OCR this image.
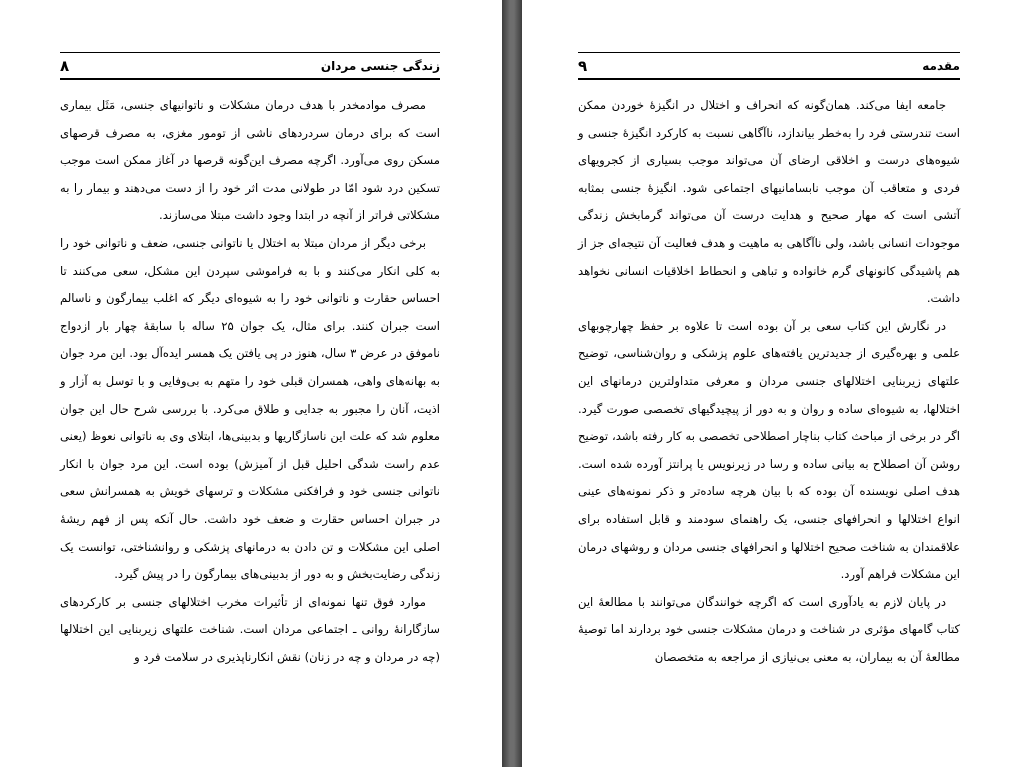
زندگی جنسی مردان
۸

مصرف موادمخدر با هدف درمان مشکلات و ناتوانیهای جنسی، مَثَل بیماری است که برای درمان سردردهای ناشی از تومور مغزی، به مصرف قرصهای مسکن روی می‌آورد. اگرچه مصرف این‌گونه قرصها در آغاز ممکن است موجب تسکین درد شود امّا در طولانی مدت اثر خود را از دست می‌دهند و بیمار را به مشکلاتی فراتر از آنچه در ابتدا وجود داشت مبتلا می‌سازند.

برخی دیگر از مردان مبتلا به اختلال یا ناتوانی جنسی، ضعف و ناتوانی خود را به کلی انکار می‌کنند و با به فراموشی سپردن این مشکل، سعی می‌کنند تا احساس حقارت و ناتوانی خود را به شیوه‌ای دیگر که اغلب بیمارگون و ناسالم است جبران کنند. برای مثال، یک جوان ۲۵ ساله با سابقهٔ چهار بار ازدواج ناموفق در عرض ۳ سال، هنوز در پی یافتن یک همسر ایده‌آل بود. این مرد جوان به بهانه‌های واهی، همسران قبلی خود را متهم به بی‌وفایی و با توسل به آزار و اذیت، آنان را مجبور به جدایی و طلاق می‌کرد. با بررسی شرح حال این جوان معلوم شد که علت این ناسازگاریها و بدبینی‌ها، ابتلای وی به ناتوانی نعوظ (یعنی عدم راست شدگی احلیل قبل از آمیزش) بوده است. این مرد جوان با انکار ناتوانی جنسی خود و فرافکنی مشکلات و ترسهای خویش به همسرانش سعی در جبران احساس حقارت و ضعف خود داشت. حال آنکه پس از فهم ریشهٔ اصلی این مشکلات و تن دادن به درمانهای پزشکی و روانشناختی، توانست یک زندگی رضایت‌بخش و به دور از بدبینی‌های بیمارگون را در پیش گیرد.

موارد فوق تنها نمونه‌ای از تأثیرات مخرب اختلالهای جنسی بر کارکردهای سازگارانهٔ روانی ـ اجتماعی مردان است. شناخت علتهای زیربنایی این اختلالها (چه در مردان و چه در زنان) نقش انکارناپذیری در سلامت فرد و

مقدمه
۹

جامعه ایفا می‌کند. همان‌گونه که انحراف و اختلال در انگیزهٔ خوردن ممکن است تندرستی فرد را به‌خطر بیاندازد، ناآگاهی نسبت به کارکرد انگیزهٔ جنسی و شیوه‌های درست و اخلاقی ارضای آن می‌تواند موجب بسیاری از کجرویهای فردی و متعاقب آن موجب نابسامانیهای اجتماعی شود. انگیزهٔ جنسی بمثابه آتشی است که مهار صحیح و هدایت درست آن می‌تواند گرمابخش زندگی موجودات انسانی باشد، ولی ناآگاهی به ماهیت و هدف فعالیت آن نتیجه‌ای جز از هم پاشیدگی کانونهای گرم خانواده و تباهی و انحطاط اخلاقیات انسانی نخواهد داشت.

در نگارش این کتاب سعی بر آن بوده است تا علاوه بر حفظ چهارچوبهای علمی و بهره‌گیری از جدیدترین یافته‌های علوم پزشکی و روان‌شناسی، توضیح علتهای زیربنایی اختلالهای جنسی مردان و معرفی متداولترین درمانهای این اختلالها، به شیوه‌ای ساده و روان و به دور از پیچیدگیهای تخصصی صورت گیرد. اگر در برخی از مباحث کتاب بناچار اصطلاحی تخصصی به کار رفته باشد، توضیح روشن آن اصطلاح به بیانی ساده و رسا در زیرنویس یا پرانتز آورده شده است. هدف اصلی نویسنده آن بوده که با بیان هرچه ساده‌تر و ذکر نمونه‌های عینی انواع اختلالها و انحرافهای جنسی، یک راهنمای سودمند و قابل استفاده برای علاقمندان به شناخت صحیح اختلالها و انحرافهای جنسی مردان و روشهای درمان این مشکلات فراهم آورد.

در پایان لازم به یادآوری است که اگرچه خوانندگان می‌توانند با مطالعهٔ این کتاب گامهای مؤثری در شناخت و درمان مشکلات جنسی خود بردارند اما توصیهٔ مطالعهٔ آن به بیماران، به معنی بی‌نیازی از مراجعه به متخصصان
